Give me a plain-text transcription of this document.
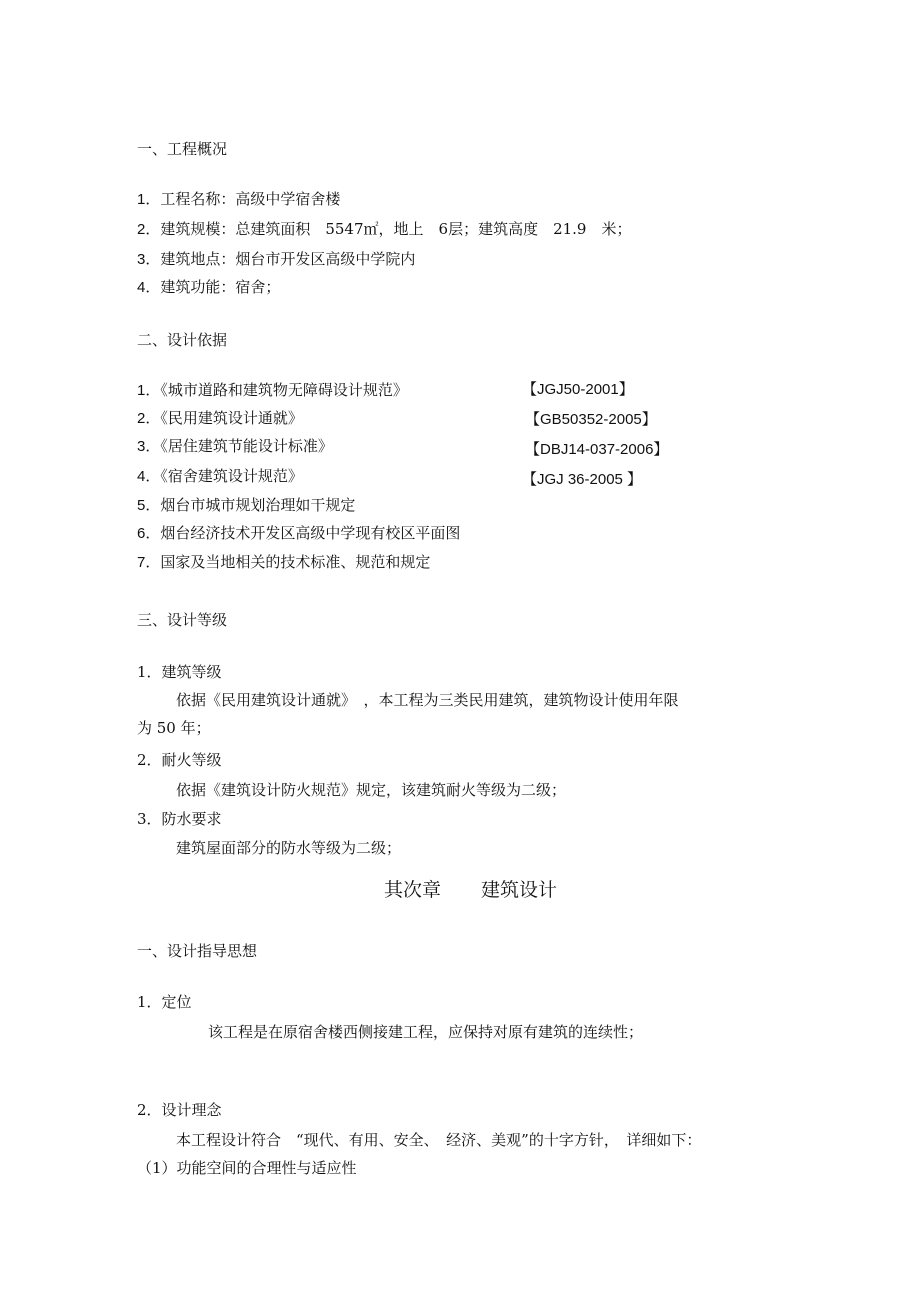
一、工程概况
1．工程名称：高级中学宿舍楼
2．建筑规模：总建筑面积　5547㎡，地上　6层；建筑高度　21.9　米；
3．建筑地点：烟台市开发区高级中学院内
4．建筑功能：宿舍；
二、设计依据
1．《城市道路和建筑物无障碍设计规范》	【JGJ50-2001】
2．《民用建筑设计通就》	【GB50352-2005】
3．《居住建筑节能设计标准》	【DBJ14-037-2006】
4．《宿舍建筑设计规范》	【JGJ 36-2005 】
5．烟台市城市规划治理如干规定
6．烟台经济技术开发区高级中学现有校区平面图
7．国家及当地相关的技术标准、规范和规定
三、设计等级
1．建筑等级
依据《民用建筑设计通就》　，本工程为三类民用建筑，建筑物设计使用年限
为 50 年；
2．耐火等级
依据《建筑设计防火规范》规定，该建筑耐火等级为二级；
3．防水要求
建筑屋面部分的防水等级为二级；
其次章 建筑设计
一、设计指导思想
1．定位
该工程是在原宿舍楼西侧接建工程，应保持对原有建筑的连续性；
2．设计理念
本工程设计符合　“现代、有用、安全、　经济、美观”的十字方针，　详细如下：
（1）功能空间的合理性与适应性
